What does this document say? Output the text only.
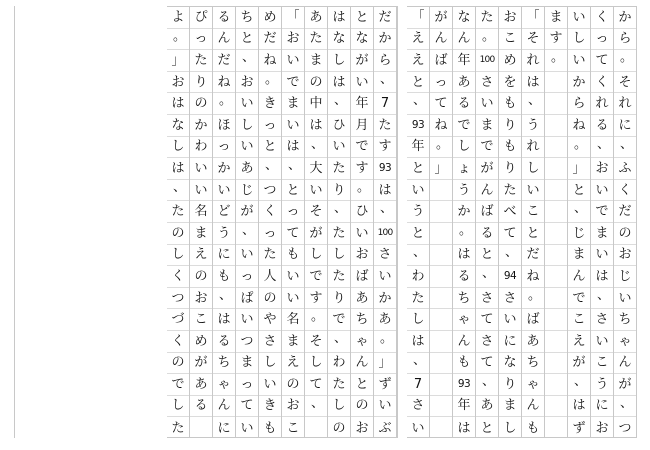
か
ら
。
そ
れ
に
、
ふ
く
だ
の
お
じ
い
ち
ゃ
ん
が
、
つ
く
っ
て
く
れ
る
、
お
い
で
ま
い
は
、
さ
い
こ
う
に
お
い
し
い
か
ら
ね
。
」
と
、
じ
ま
ん
で
こ
え
が
、
は
ず
ま
す
。
「
そ
れ
は
、
う
れ
し
い
こ
と
だ
ね
。
ば
あ
ち
ゃ
ん
も
お
こ
め
を
も
り
も
り
た
べ
て
、
94
さ
い
に
な
り
ま
し
た
。
100
さ
い
ま
で
が
ん
ば
る
と
、
さ
て
さ
て
、
あ
と
な
ん
年
あ
る
で
し
ょ
う
か
。
は
る
ち
ゃ
ん
も
93
年
は
が
ん
ば
っ
て
ね
。
」
「
え
え
と
、
93
年
と
い
う
と
、
わ
た
し
は
、
7
さ
い
だ
か
ら
、
7
た
す
93
は
、
100
さ
い
か
あ
。
」
ず
い
ぶ
と
な
が
い
年
月
で
す
。
ひ
い
お
ば
あ
ち
ゃ
ん
と
の
お
は
な
し
は
、
ひ
い
た
り
、
た
し
た
り
で
、
わ
た
し
の
あ
た
ま
の
中
は
、
大
い
そ
が
し
で
す
。
そ
し
て
、
「
お
い
で
ま
い
は
、
と
っ
て
も
い
い
名
ま
え
の
お
こ
め
だ
ね
。
き
っ
と
、
つ
く
っ
た
人
の
や
さ
し
い
き
も
ち
と
、
お
い
し
い
あ
じ
が
、
い
っ
ぱ
い
つ
ま
っ
て
い
る
ん
だ
ね
。
ほ
っ
か
い
ど
う
に
も
、
は
る
ち
ゃ
ん
に
ぴ
っ
た
り
の
か
わ
い
い
名
ま
え
の
お
こ
め
が
あ
る
よ
。
」
お
は
な
し
は
、
た
の
し
く
つ
づ
く
の
で
し
た
